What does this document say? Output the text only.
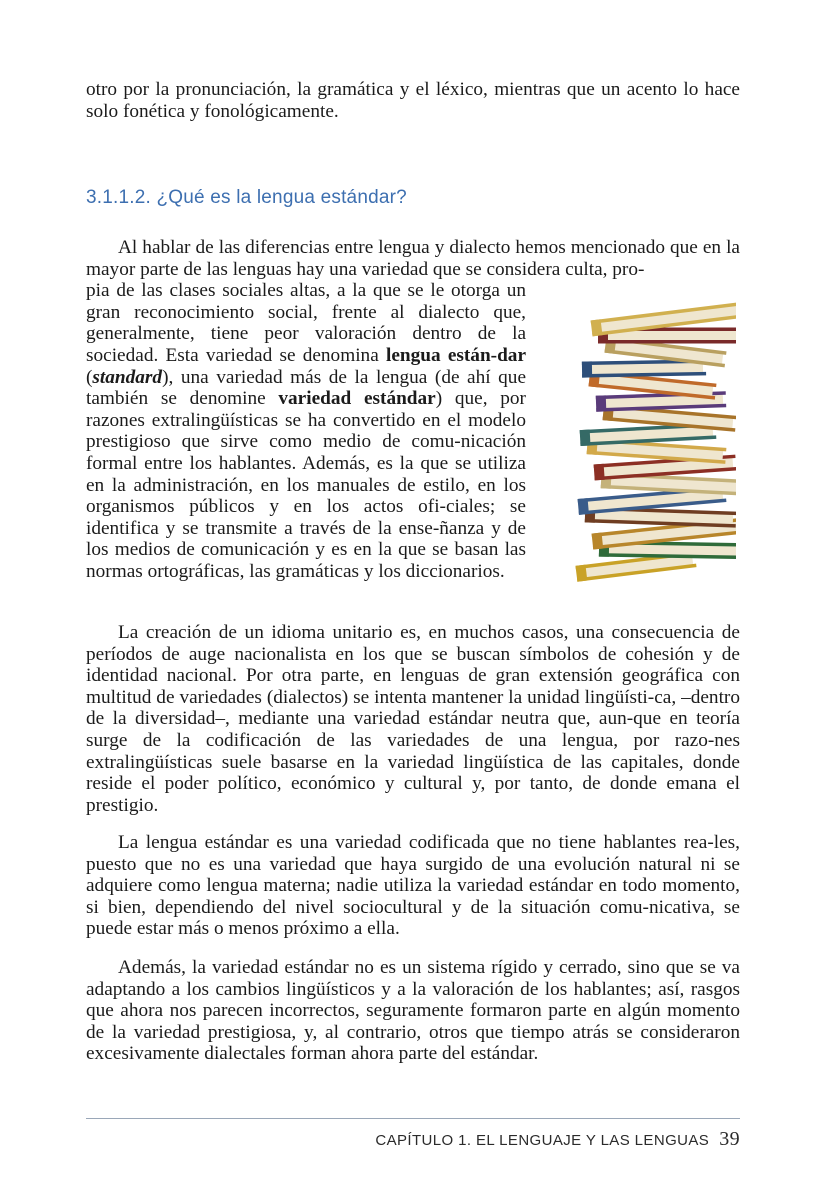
otro por la pronunciación, la gramática y el léxico, mientras que un acento lo hace solo fonética y fonológicamente.

3.1.1.2. ¿Qué es la lengua estándar?

Al hablar de las diferencias entre lengua y dialecto hemos mencionado que en la mayor parte de las lenguas hay una variedad que se considera culta, pro-

pia de las clases sociales altas, a la que se le otorga un gran reconocimiento social, frente al dialecto que, generalmente, tiene peor valoración dentro de la sociedad. Esta variedad se denomina lengua están-dar (standard), una variedad más de la lengua (de ahí que también se denomine variedad estándar) que, por razones extralingüísticas se ha convertido en el modelo prestigioso que sirve como medio de comu-nicación formal entre los hablantes. Además, es la que se utiliza en la administración, en los manuales de estilo, en los organismos públicos y en los actos ofi-ciales; se identifica y se transmite a través de la ense-ñanza y de los medios de comunicación y es en la que se basan las normas ortográficas, las gramáticas y los diccionarios.

La creación de un idioma unitario es, en muchos casos, una consecuencia de períodos de auge nacionalista en los que se buscan símbolos de cohesión y de identidad nacional. Por otra parte, en lenguas de gran extensión geográfica con multitud de variedades (dialectos) se intenta mantener la unidad lingüísti-ca, –dentro de la diversidad–, mediante una variedad estándar neutra que, aun-que en teoría surge de la codificación de las variedades de una lengua, por razo-nes extralingüísticas suele basarse en la variedad lingüística de las capitales, donde reside el poder político, económico y cultural y, por tanto, de donde emana el prestigio.

La lengua estándar es una variedad codificada que no tiene hablantes rea-les, puesto que no es una variedad que haya surgido de una evolución natural ni se adquiere como lengua materna; nadie utiliza la variedad estándar en todo momento, si bien, dependiendo del nivel sociocultural y de la situación comu-nicativa, se puede estar más o menos próximo a ella.

Además, la variedad estándar no es un sistema rígido y cerrado, sino que se va adaptando a los cambios lingüísticos y a la valoración de los hablantes; así, rasgos que ahora nos parecen incorrectos, seguramente formaron parte en algún momento de la variedad prestigiosa, y, al contrario, otros que tiempo atrás se consideraron excesivamente dialectales forman ahora parte del estándar.

CAPÍTULO 1. EL LENGUAJE Y LAS LENGUAS 39
